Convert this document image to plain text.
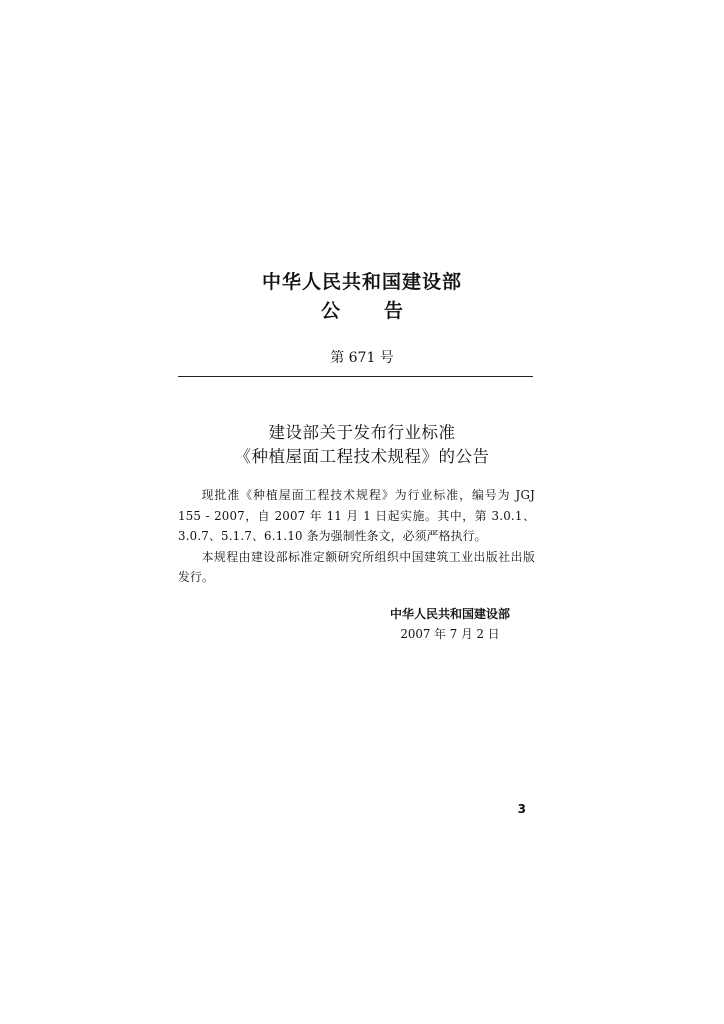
中华人民共和国建设部
公告
第 671 号
建设部关于发布行业标准
《种植屋面工程技术规程》的公告

现批准《种植屋面工程技术规程》为行业标准，编号为 JGJ 155 - 2007，自 2007 年 11 月 1 日起实施。其中，第 3.0.1、3.0.7、5.1.7、6.1.10 条为强制性条文，必须严格执行。

本规程由建设部标准定额研究所组织中国建筑工业出版社出版发行。

中华人民共和国建设部
2007 年 7 月 2 日
3
